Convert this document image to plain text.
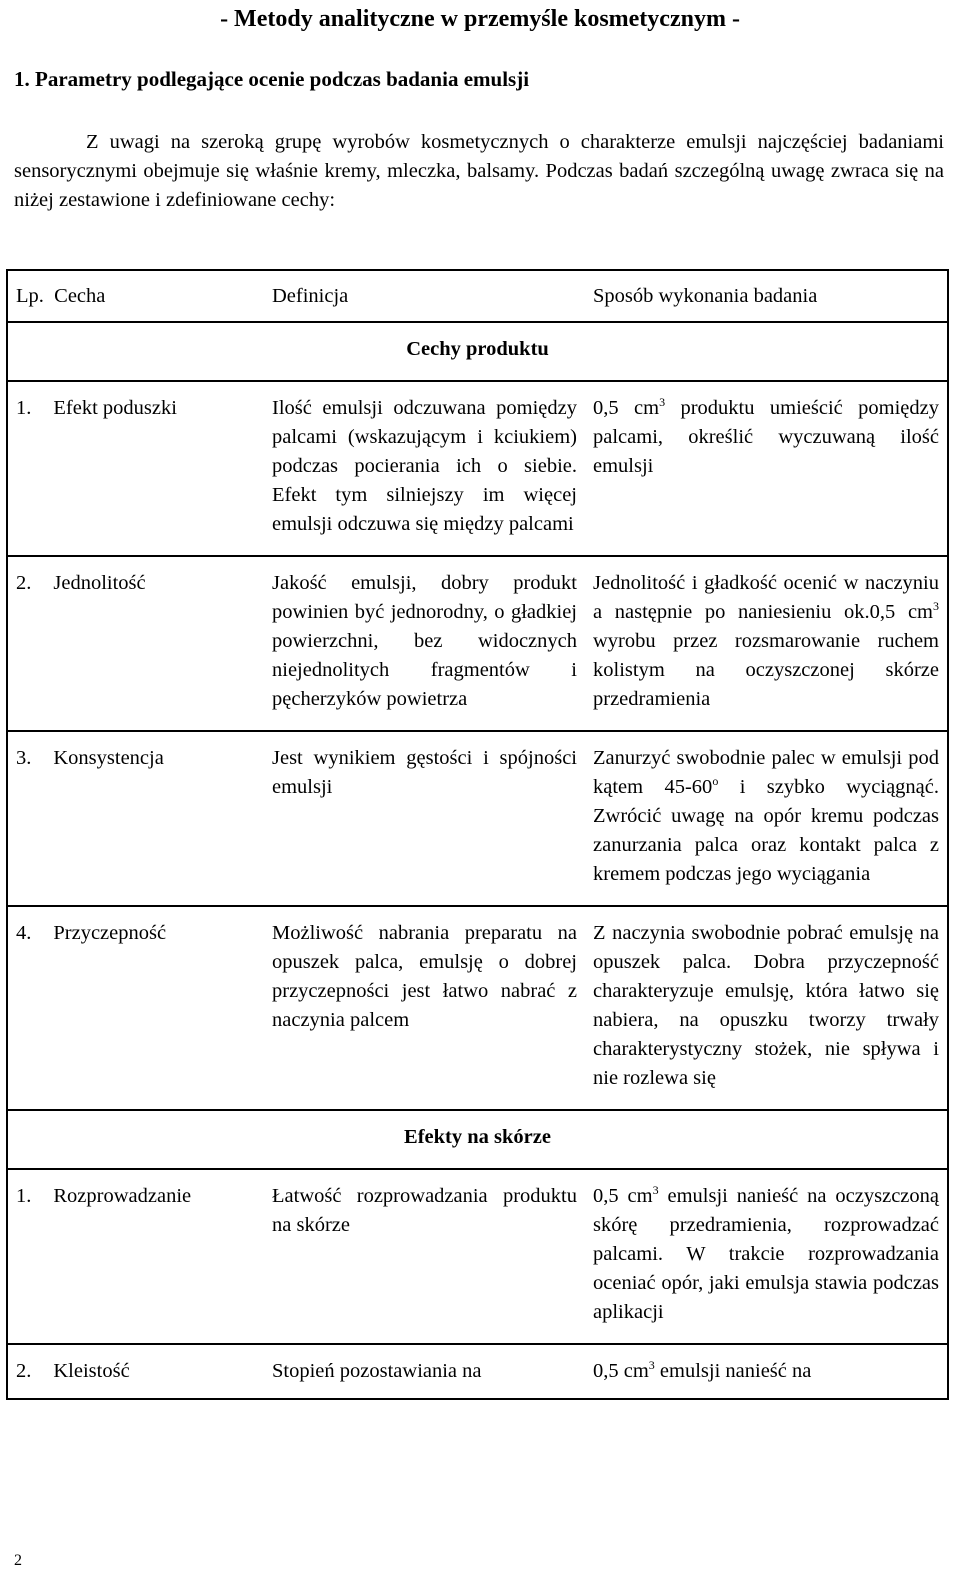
- Metody analityczne w przemyśle kosmetycznym -
1. Parametry podlegające ocenie podczas badania emulsji

Z uwagi na szeroką grupę wyrobów kosmetycznych o charakterze emulsji najczęściej badaniami sensorycznymi obejmuje się właśnie kremy, mleczka, balsamy. Podczas badań szczególną uwagę zwraca się na niżej zestawione i zdefiniowane cechy:

Lp.  Cecha	Definicja	Sposób wykonania badania
Cechy produktu		
1. Efekt poduszki	Ilość emulsji odczuwana pomiędzy palcami (wskazującym i kciukiem) podczas pocierania ich o siebie. Efekt tym silniejszy im więcej emulsji odczuwa się między palcami	0,5 $cm^3$ produktu umieścić pomiędzy palcami, określić wyczuwaną ilość emulsji
2. Jednolitość	Jakość emulsji, dobry produkt powinien być jednorodny, o gładkiej powierzchni, bez widocznych niejednolitych fragmentów i pęcherzyków powietrza	Jednolitość i gładkość ocenić w naczyniu a następnie po naniesieniu ok.0,5 $cm^3$ wyrobu przez rozsmarowanie ruchem kolistym na oczyszczonej skórze przedramienia
3. Konsystencja	Jest wynikiem gęstości i spójności emulsji	Zanurzyć swobodnie palec w emulsji pod kątem 45-60$^o$ i szybko wyciągnąć. Zwrócić uwagę na opór kremu podczas zanurzania palca oraz kontakt palca z kremem podczas jego wyciągania
4. Przyczepność	Możliwość nabrania preparatu na opuszek palca, emulsję o dobrej przyczepności jest łatwo nabrać z naczynia palcem	Z naczynia swobodnie pobrać emulsję na opuszek palca. Dobra przyczepność charakteryzuje emulsję, która łatwo się nabiera, na opuszku tworzy trwały charakterystyczny stożek, nie spływa i nie rozlewa się
Efekty na skórze		
1. Rozprowadzanie	Łatwość rozprowadzania produktu na skórze	0,5 $cm^3$ emulsji nanieść na oczyszczoną skórę przedramienia, rozprowadzać palcami. W trakcie rozprowadzania oceniać opór, jaki emulsja stawia podczas aplikacji
2. Kleistość	Stopień pozostawiania na	0,5 $cm^3$ emulsji nanieść na

2
